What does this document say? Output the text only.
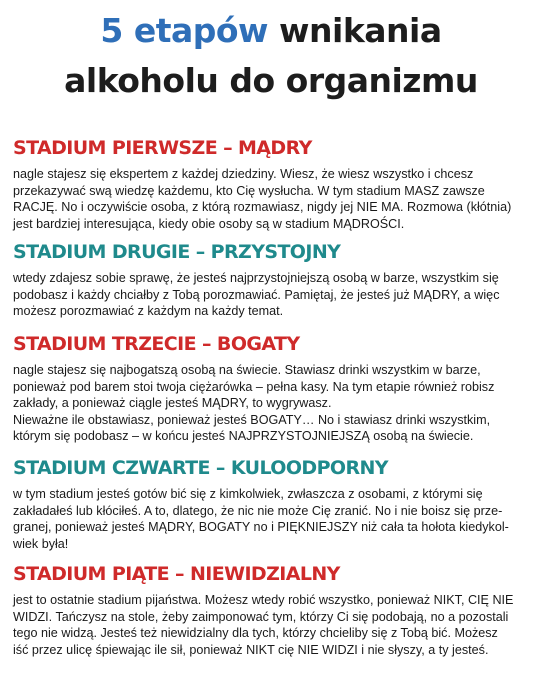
5 etapów wnikania
alkoholu do organizmu
STADIUM PIERWSZE – MĄDRY
nagle stajesz się ekspertem z każdej dziedziny. Wiesz, że wiesz wszystko i chcesz
przekazywać swą wiedzę każdemu, kto Cię wysłucha. W tym stadium MASZ zawsze
RACJĘ. No i oczywiście osoba, z którą rozmawiasz, nigdy jej NIE MA. Rozmowa (kłótnia)
jest bardziej interesująca, kiedy obie osoby są w stadium MĄDROŚCI.
STADIUM DRUGIE – PRZYSTOJNY
wtedy zdajesz sobie sprawę, że jesteś najprzystojniejszą osobą w barze, wszystkim się
podobasz i każdy chciałby z Tobą porozmawiać. Pamiętaj, że jesteś już MĄDRY, a więc
możesz porozmawiać z każdym na każdy temat.
STADIUM TRZECIE – BOGATY
nagle stajesz się najbogatszą osobą na świecie. Stawiasz drinki wszystkim w barze,
ponieważ pod barem stoi twoja ciężarówka – pełna kasy. Na tym etapie również robisz
zakłady, a ponieważ ciągle jesteś MĄDRY, to wygrywasz.
Nieważne ile obstawiasz, ponieważ jesteś BOGATY… No i stawiasz drinki wszystkim,
którym się podobasz – w końcu jesteś NAJPRZYSTOJNIEJSZĄ osobą na świecie.
STADIUM CZWARTE – KULOODPORNY
w tym stadium jesteś gotów bić się z kimkolwiek, zwłaszcza z osobami, z którymi się
zakładałeś lub kłóciłeś. A to, dlatego, że nic nie może Cię zranić. No i nie boisz się prze-
granej, ponieważ jesteś MĄDRY, BOGATY no i PIĘKNIEJSZY niż cała ta hołota kiedykol-
wiek była!
STADIUM PIĄTE – NIEWIDZIALNY
jest to ostatnie stadium pijaństwa. Możesz wtedy robić wszystko, ponieważ NIKT, CIĘ NIE
WIDZI. Tańczysz na stole, żeby zaimponować tym, którzy Ci się podobają, no a pozostali
tego nie widzą. Jesteś też niewidzialny dla tych, którzy chcieliby się z Tobą bić. Możesz
iść przez ulicę śpiewając ile sił, ponieważ NIKT cię NIE WIDZI i nie słyszy, a ty jesteś.
